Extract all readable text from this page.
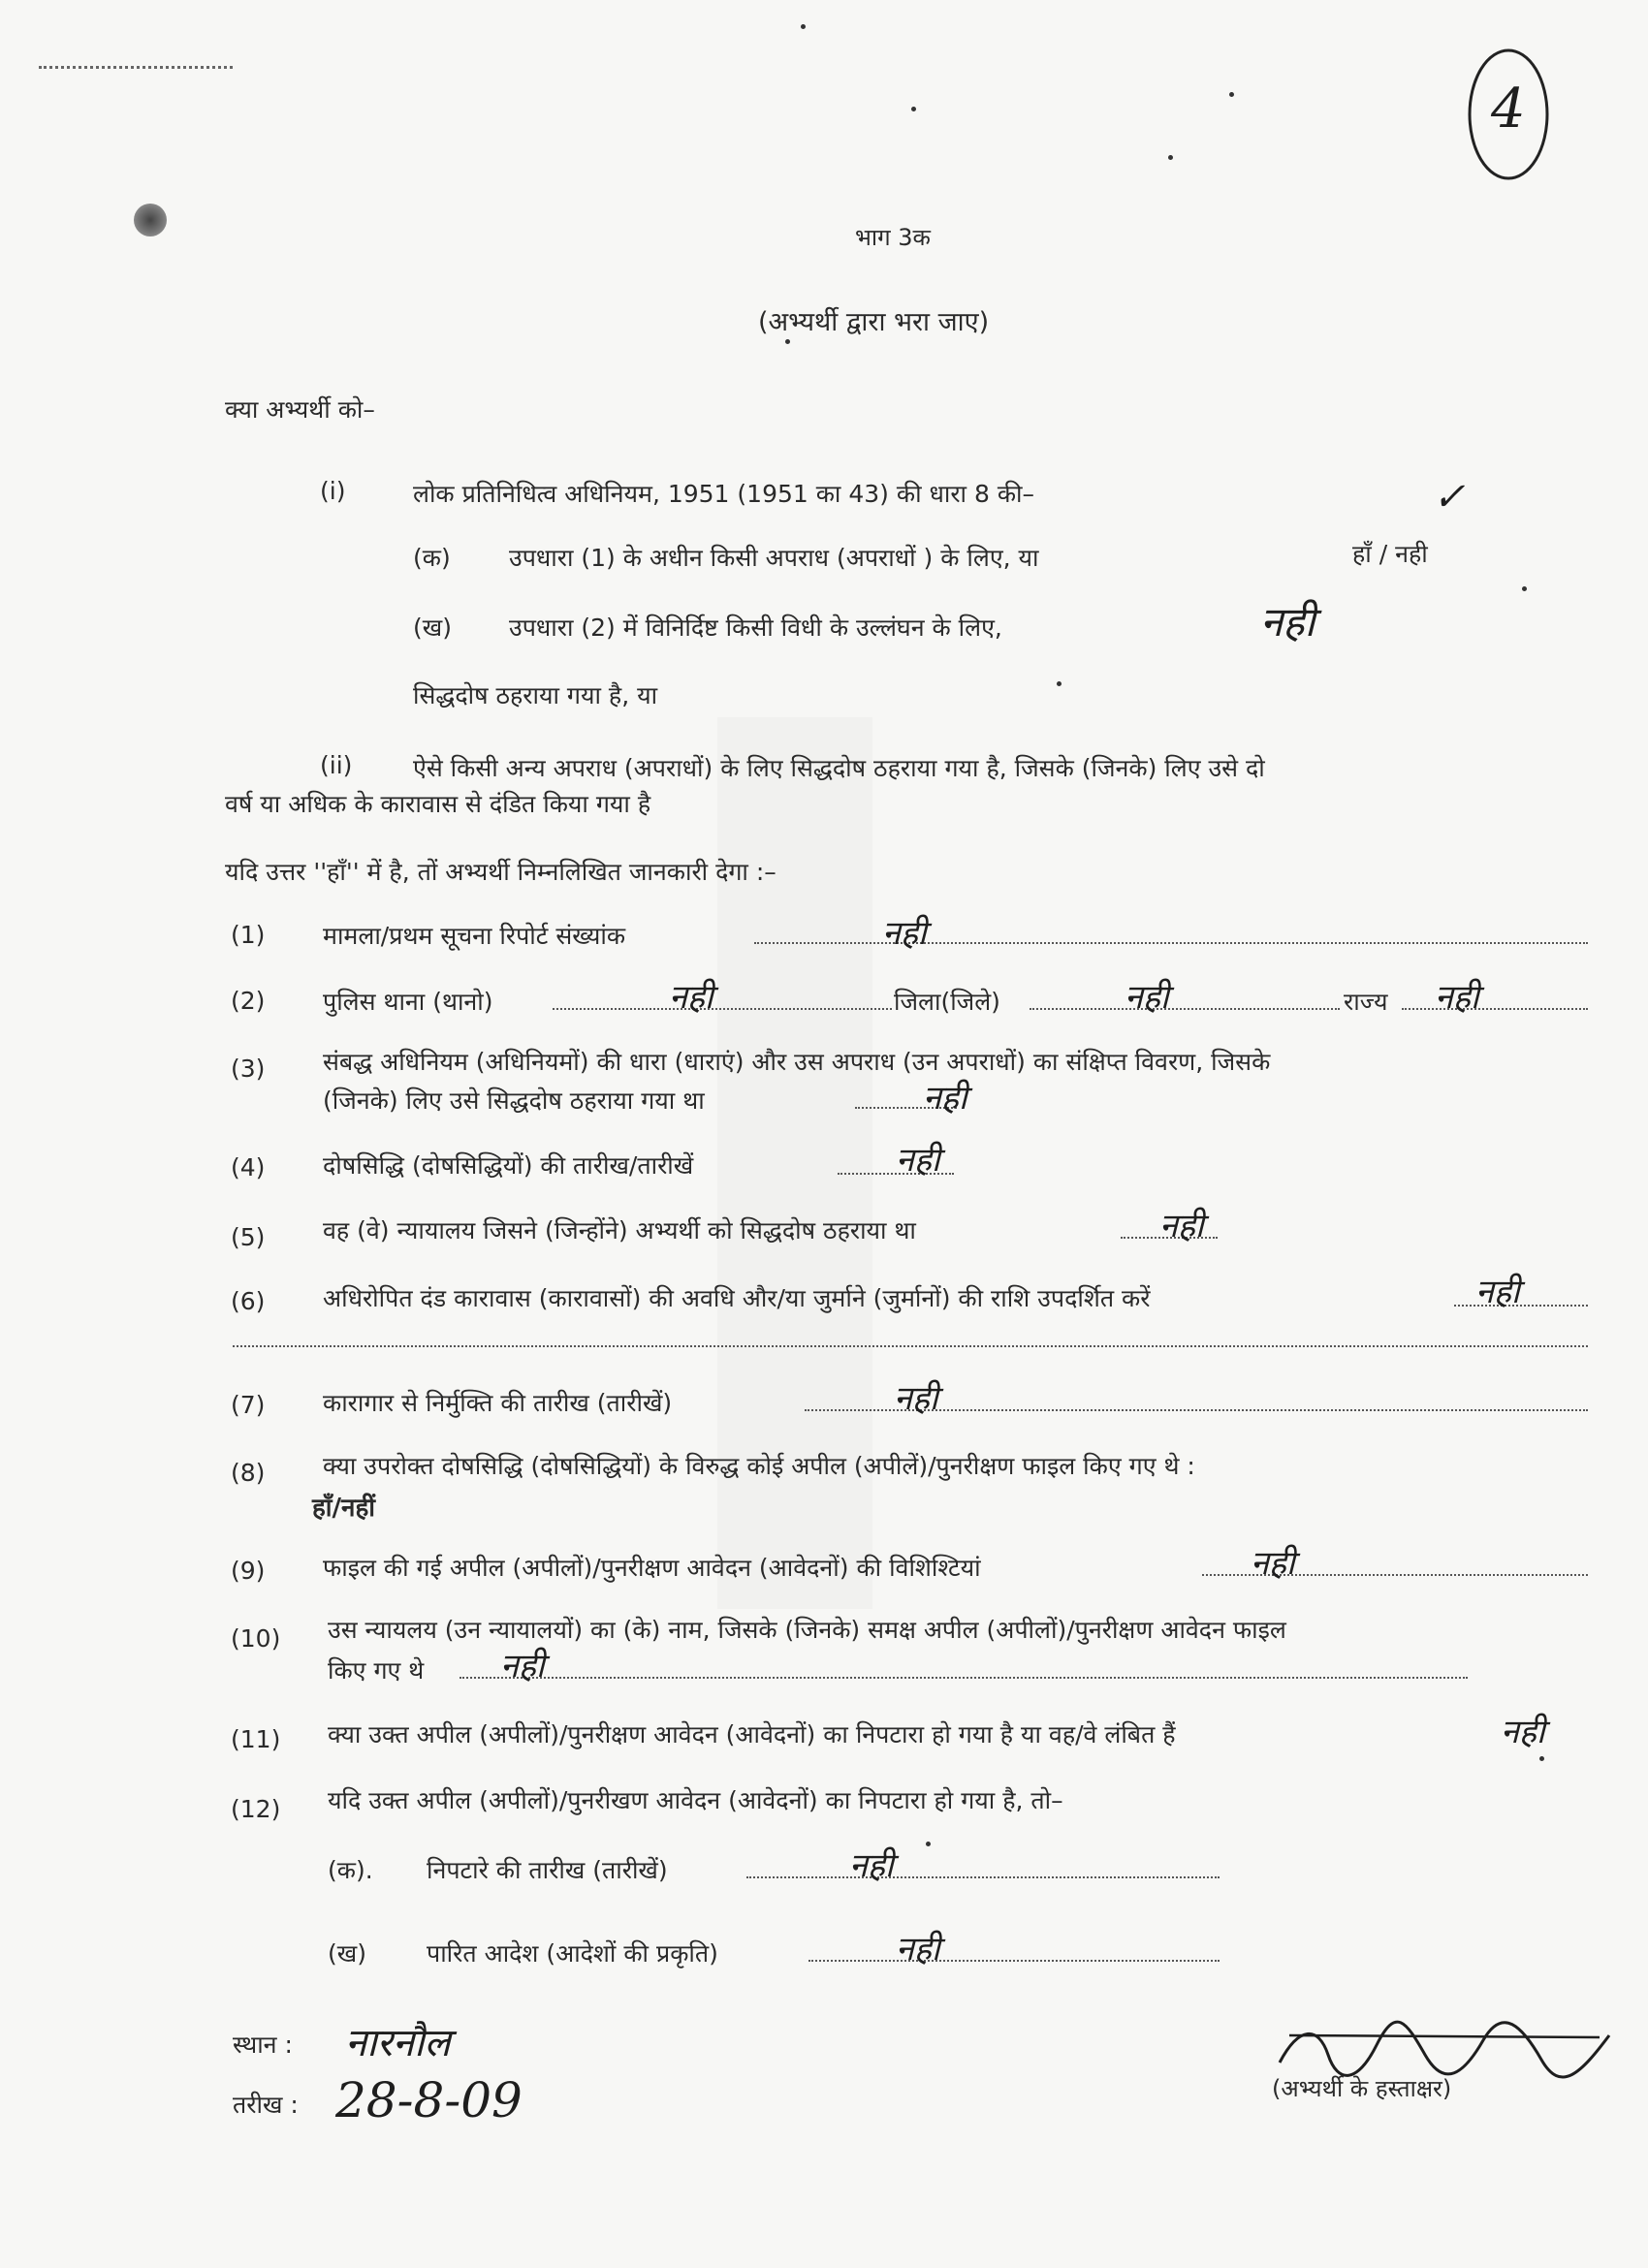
4
भाग 3क
(अभ्यर्थी द्वारा भरा जाए)
क्या अभ्यर्थी को–
(i)	लोक प्रतिनिधित्व अधिनियम, 1951 (1951 का 43) की धारा 8 की–	✓
(क) उपधारा (1) के अधीन किसी अपराध (अपराधों ) के लिए, या	हाँ / नही
(ख) उपधारा (2) में विनिर्दिष्ट किसी विधी के उल्लंघन के लिए,	नही
सिद्धदोष ठहराया गया है, या
(ii)	ऐसे किसी अन्य अपराध (अपराधों) के लिए सिद्धदोष ठहराया गया है, जिसके (जिनके) लिए उसे दो
वर्ष या अधिक के कारावास से दंडित किया गया है
यदि उत्तर ''हाँ'' में है, तों अभ्यर्थी निम्नलिखित जानकारी देगा :–
(1) मामला/प्रथम सूचना रिपोर्ट संख्यांक	नही
(2) पुलिस थाना (थानो)	नही	जिला(जिले)	नही	राज्य नही
(3) संबद्ध अधिनियम (अधिनियमों) की धारा (धाराएं) और उस अपराध (उन अपराधों) का संक्षिप्त विवरण, जिसके
(जिनके) लिए उसे सिद्धदोष ठहराया गया था	नही
(4) दोषसिद्धि (दोषसिद्धियों) की तारीख/तारीखें	नही
(5) वह (वे) न्यायालय जिसने (जिन्होंने) अभ्यर्थी को सिद्धदोष ठहराया था	नही
(6) अधिरोपित दंड कारावास (कारावासों) की अवधि और/या जुर्माने (जुर्मानों) की राशि उपदर्शित करें	नही
(7) कारागार से निर्मुक्ति की तारीख (तारीखें)	नही
(8) क्या उपरोक्त दोषसिद्धि (दोषसिद्धियों) के विरुद्ध कोई अपील (अपीलें)/पुनरीक्षण फाइल किए गए थे :
हाँ/नहीं
(9) फाइल की गई अपील (अपीलों)/पुनरीक्षण आवेदन (आवेदनों) की विशिश्टियां	नही
(10) उस न्यायलय (उन न्यायालयों) का (के) नाम, जिसके (जिनके) समक्ष अपील (अपीलों)/पुनरीक्षण आवेदन फाइल
किए गए थे नही
(11) क्या उक्त अपील (अपीलों)/पुनरीक्षण आवेदन (आवेदनों) का निपटारा हो गया है या वह/वे लंबित हैं	नही
(12) यदि उक्त अपील (अपीलों)/पुनरीखण आवेदन (आवेदनों) का निपटारा हो गया है, तो–
(क). निपटारे की तारीख (तारीखें)	नही
(ख) पारित आदेश (आदेशों की प्रकृति)	नही
स्थान : नारनौल
तरीख : 28-8-09	(अभ्यर्थी के हस्ताक्षर)
